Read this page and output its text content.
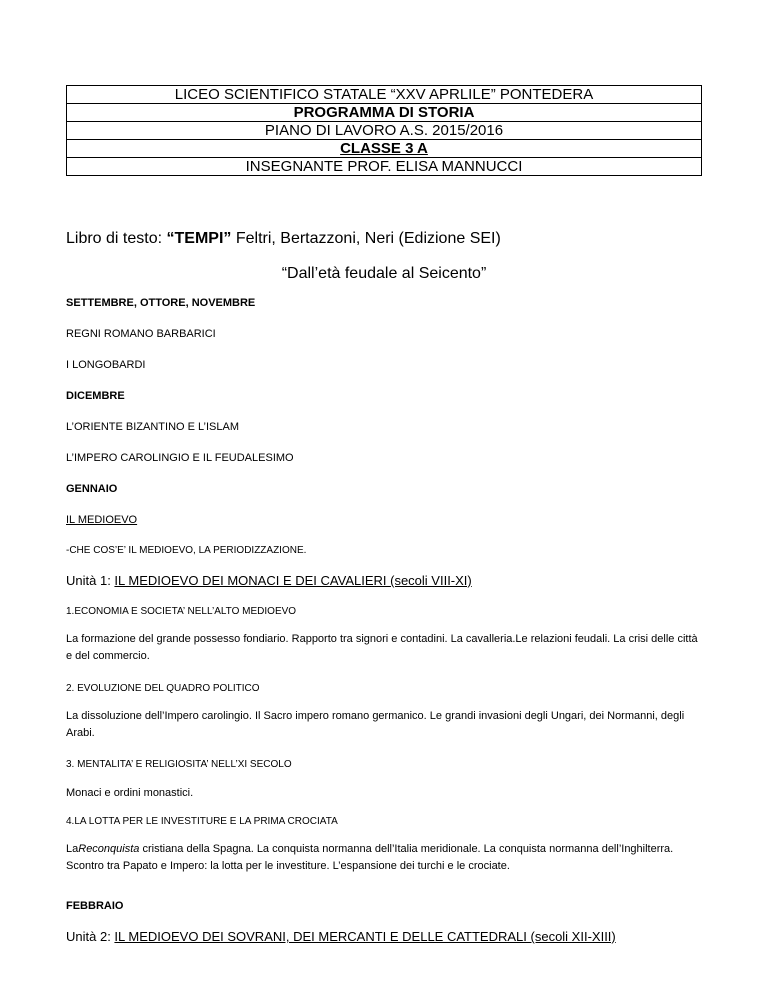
LICEO SCIENTIFICO STATALE “XXV APRLILE” PONTEDERA
PROGRAMMA DI STORIA
PIANO DI LAVORO A.S. 2015/2016
CLASSE 3 A
INSEGNANTE PROF. ELISA MANNUCCI
Libro di testo: “TEMPI” Feltri, Bertazzoni, Neri (Edizione SEI)
“Dall’età feudale al Seicento”
SETTEMBRE, OTTORE, NOVEMBRE
REGNI ROMANO BARBARICI
I LONGOBARDI
DICEMBRE
L’ORIENTE BIZANTINO E L’ISLAM
L’IMPERO CAROLINGIO E IL FEUDALESIMO
GENNAIO
IL MEDIOEVO
-CHE COS’E’ IL MEDIOEVO, LA PERIODIZZAZIONE.
Unità 1: IL MEDIOEVO DEI MONACI E DEI CAVALIERI (secoli VIII-XI)
1.ECONOMIA E SOCIETA’ NELL’ALTO MEDIOEVO
La formazione del grande possesso fondiario. Rapporto tra signori e contadini. La cavalleria.Le relazioni feudali. La crisi delle città e del commercio.
2. EVOLUZIONE DEL QUADRO POLITICO
La dissoluzione dell’Impero carolingio. Il Sacro impero romano germanico. Le grandi invasioni degli Ungari, dei Normanni, degli Arabi.
3. MENTALITA’ E RELIGIOSITA’ NELL’XI SECOLO
Monaci e ordini monastici.
4.LA LOTTA PER LE INVESTITURE E LA PRIMA CROCIATA
LaReconquista cristiana della Spagna. La conquista normanna dell’Italia meridionale. La conquista normanna dell’Inghilterra. Scontro tra Papato e Impero: la lotta per le investiture. L’espansione dei turchi e le crociate.
FEBBRAIO
Unità 2: IL MEDIOEVO DEI SOVRANI, DEI MERCANTI E DELLE CATTEDRALI (secoli XII-XIII)
